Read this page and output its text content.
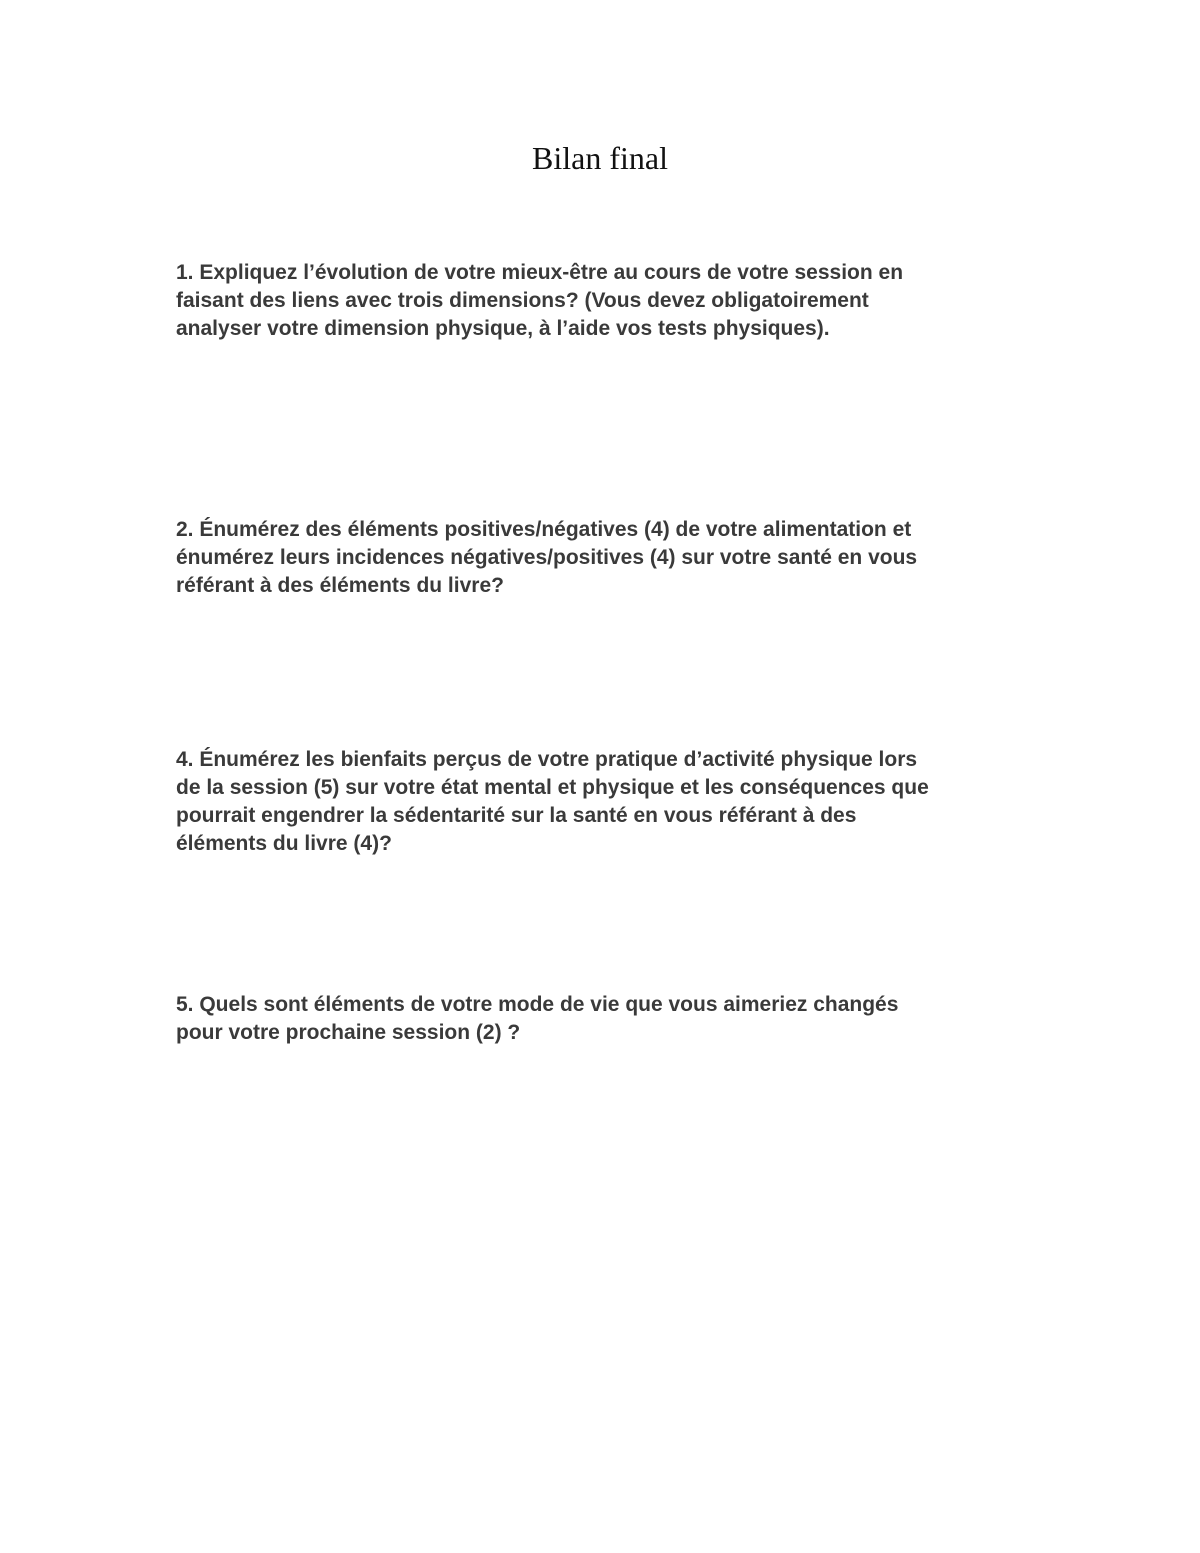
Bilan final

1. Expliquez l’évolution de votre mieux-être au cours de votre session en
faisant des liens avec trois dimensions? (Vous devez obligatoirement
analyser votre dimension physique, à l’aide vos tests physiques).

2. Énumérez des éléments positives/négatives (4) de votre alimentation et
énumérez leurs incidences négatives/positives (4) sur votre santé en vous
référant à des éléments du livre?

4. Énumérez les bienfaits perçus de votre pratique d’activité physique lors
de la session (5) sur votre état mental et physique et les conséquences que
pourrait engendrer la sédentarité sur la santé en vous référant à des
éléments du livre (4)?

5. Quels sont éléments de votre mode de vie que vous aimeriez changés
pour votre prochaine session (2) ?
